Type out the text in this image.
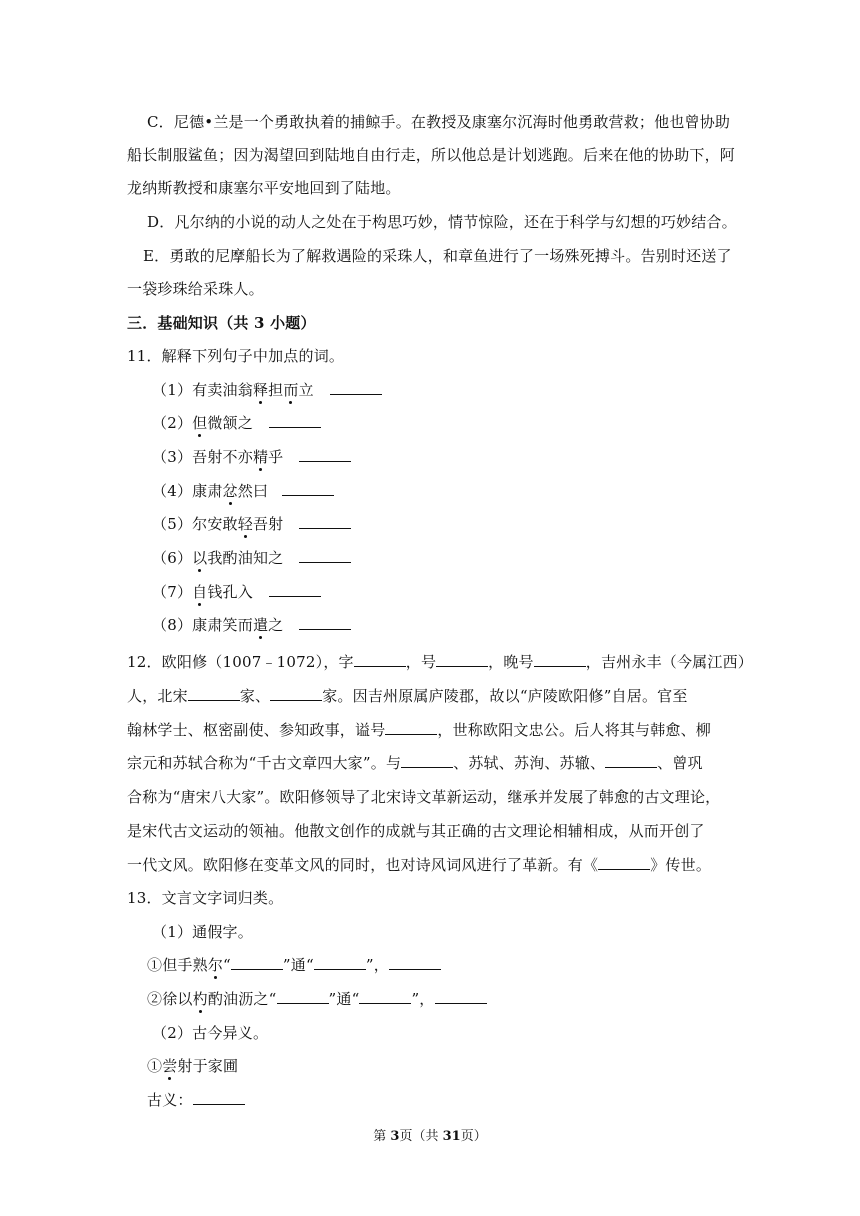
C．尼德•兰是一个勇敢执着的捕鲸手。在教授及康塞尔沉海时他勇敢营救；他也曾协助
船长制服鲨鱼；因为渴望回到陆地自由行走，所以他总是计划逃跑。后来在他的协助下，阿
龙纳斯教授和康塞尔平安地回到了陆地。
D．凡尔纳的小说的动人之处在于构思巧妙，情节惊险，还在于科学与幻想的巧妙结合。
E．勇敢的尼摩船长为了解救遇险的采珠人，和章鱼进行了一场殊死搏斗。告别时还送了
一袋珍珠给采珠人。
三．基础知识（共 3 小题）
11．解释下列句子中加点的词。
（1）有卖油翁释担而立
（2）但微颔之
（3）吾射不亦精乎
（4）康肃忿然曰
（5）尔安敢轻吾射
（6）以我酌油知之
（7）自钱孔入
（8）康肃笑而遣之
12．欧阳修（1007﹣1072），字	，号	，晚号	，吉州永丰（今属江西）
人，北宋	家、	家。因吉州原属庐陵郡，故以“庐陵欧阳修”自居。官至
翰林学士、枢密副使、参知政事，谥号	，世称欧阳文忠公。后人将其与韩愈、柳
宗元和苏轼合称为“千古文章四大家”。与	、苏轼、苏洵、苏辙、	、曾巩
合称为“唐宋八大家”。欧阳修领导了北宋诗文革新运动，继承并发展了韩愈的古文理论，
是宋代古文运动的领袖。他散文创作的成就与其正确的古文理论相辅相成，从而开创了
一代文风。欧阳修在变革文风的同时，也对诗风词风进行了革新。有《	》传世。
13．文言文字词归类。
（1）通假字。
①但手熟尔“	”通“	”，
②徐以杓酌油沥之“	”通“	”，
（2）古今异义。
①尝射于家圃
古义：
第 3页（共 31页）
